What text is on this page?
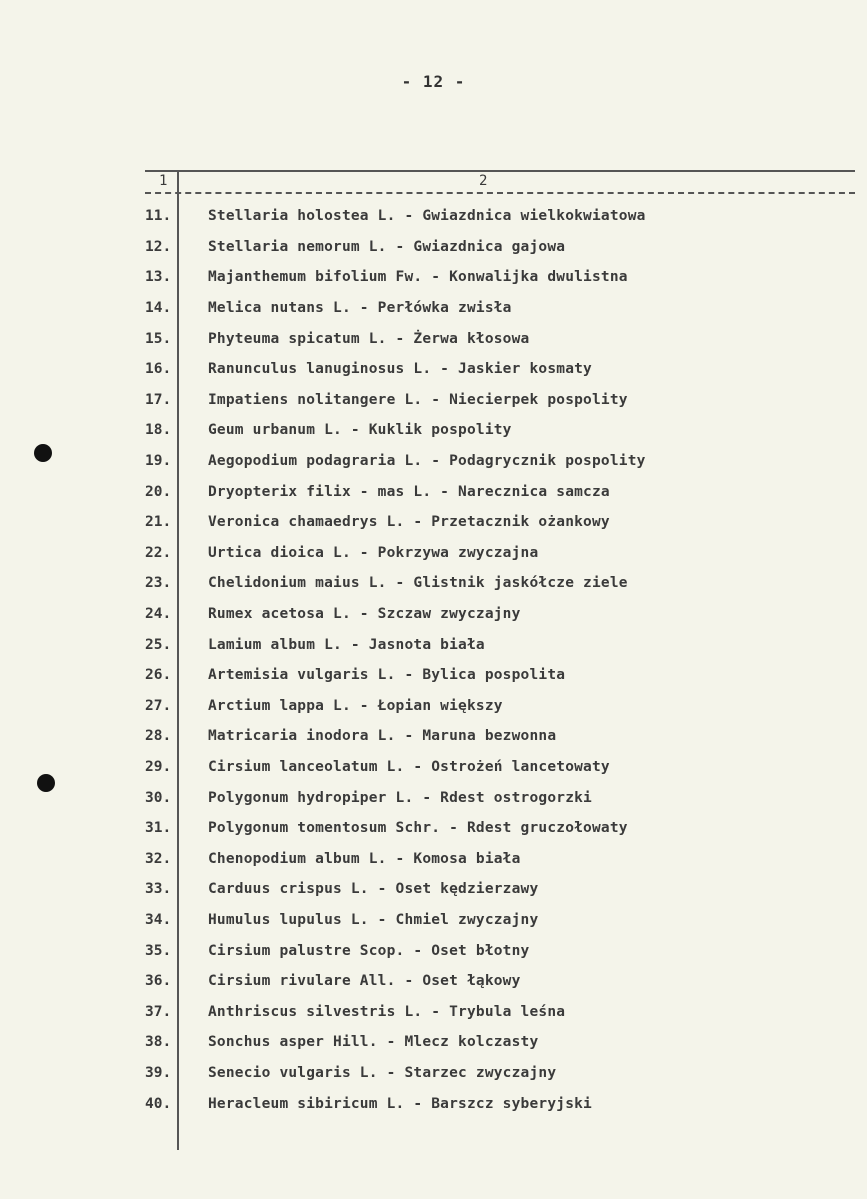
- 12 -
1	2
11.	Stellaria holostea L. - Gwiazdnica wielkokwiatowa
12.	Stellaria nemorum L. - Gwiazdnica gajowa
13.	Majanthemum bifolium Fw. - Konwalijka dwulistna
14.	Melica nutans L. - Perłówka zwisła
15.	Phyteuma spicatum L. - Żerwa kłosowa
16.	Ranunculus lanuginosus L. - Jaskier kosmaty
17.	Impatiens nolitangere L. - Niecierpek pospolity
18.	Geum urbanum L. - Kuklik pospolity
19.	Aegopodium podagraria L. - Podagrycznik pospolity
20.	Dryopterix filix - mas L. - Narecznica samcza
21.	Veronica chamaedrys L. - Przetacznik ożankowy
22.	Urtica dioica L. - Pokrzywa zwyczajna
23.	Chelidonium maius L. - Glistnik jaskółcze ziele
24.	Rumex acetosa L. - Szczaw zwyczajny
25.	Lamium album L. - Jasnota biała
26.	Artemisia vulgaris L. - Bylica pospolita
27.	Arctium lappa L. - Łopian większy
28.	Matricaria inodora L. - Maruna bezwonna
29.	Cirsium lanceolatum L. - Ostrożeń lancetowaty
30.	Polygonum hydropiper L. - Rdest ostrogorzki
31.	Polygonum tomentosum Schr. - Rdest gruczołowaty
32.	Chenopodium album L. - Komosa biała
33.	Carduus crispus L. - Oset kędzierzawy
34.	Humulus lupulus L. - Chmiel zwyczajny
35.	Cirsium palustre Scop. - Oset błotny
36.	Cirsium rivulare All. - Oset łąkowy
37.	Anthriscus silvestris L. - Trybula leśna
38.	Sonchus asper Hill. - Mlecz kolczasty
39.	Senecio vulgaris L. - Starzec zwyczajny
40.	Heracleum sibiricum L. - Barszcz syberyjski
